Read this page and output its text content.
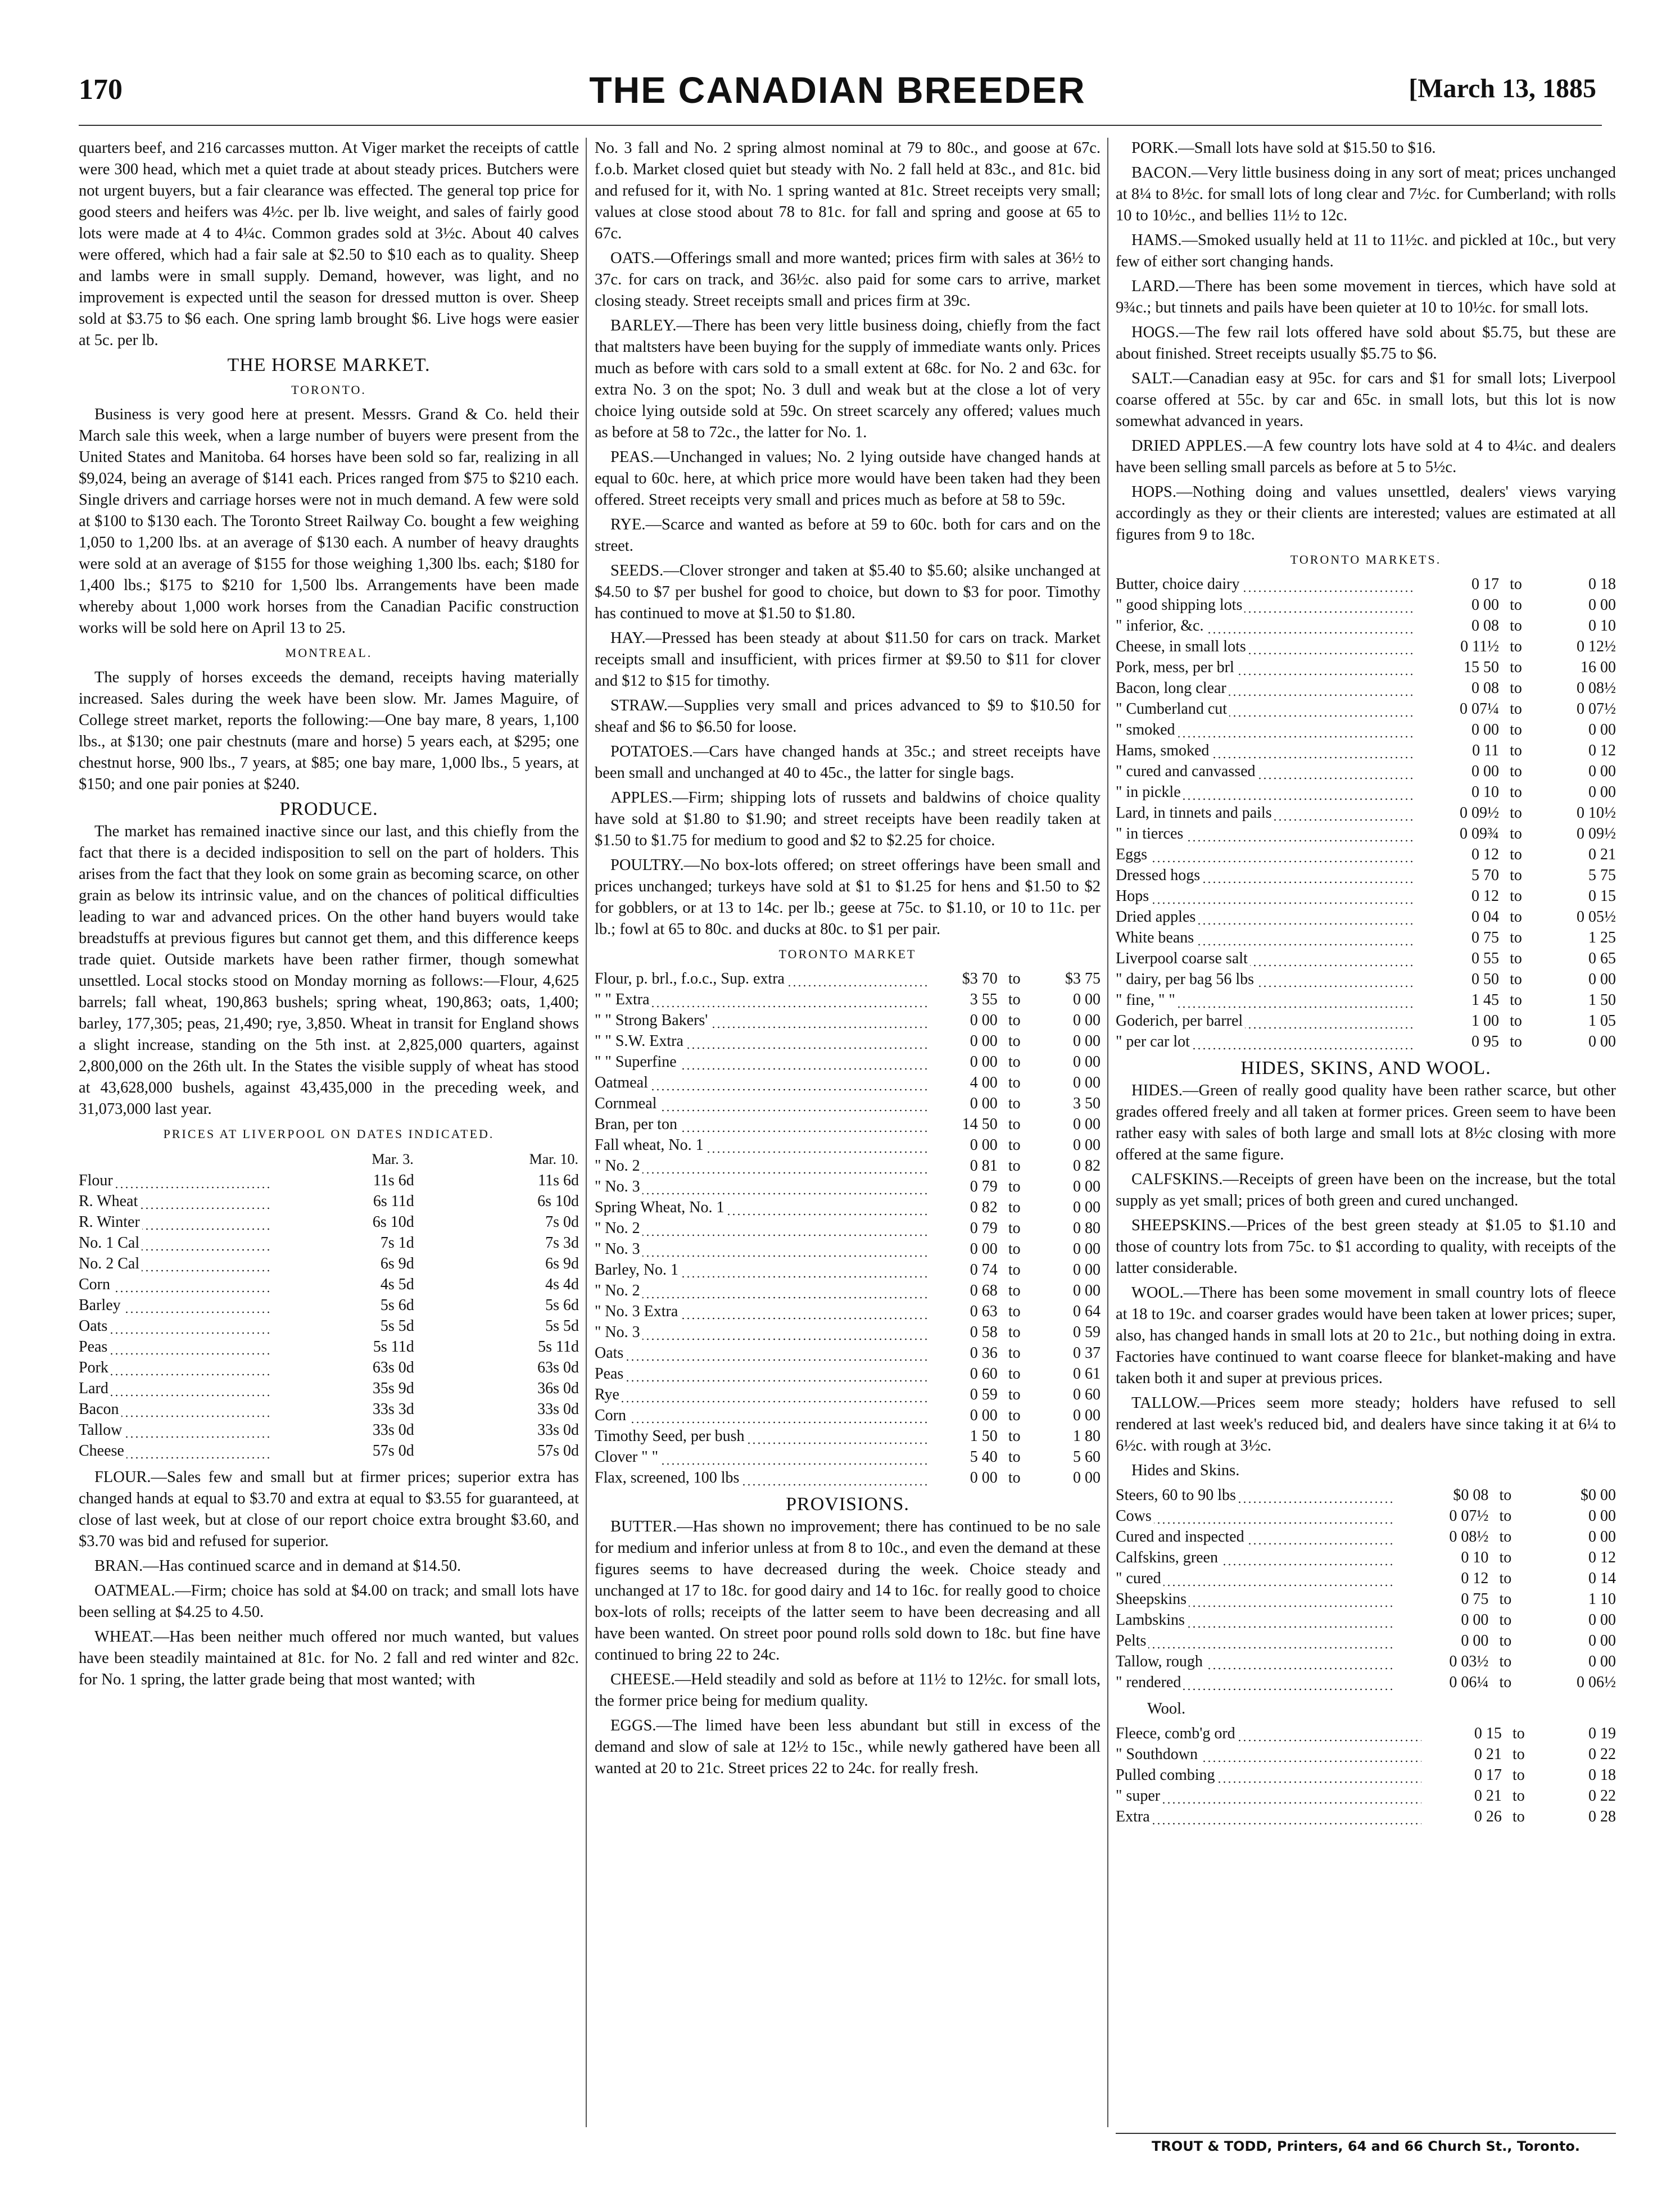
170	THE CANADIAN BREEDER	[March 13, 1885

quarters beef, and 216 carcasses mutton. At Viger market the receipts of cattle were 300 head, which met a quiet trade at about steady prices. Butchers were not urgent buyers, but a fair clearance was effected. The general top price for good steers and heifers was 4½c. per lb. live weight, and sales of fairly good lots were made at 4 to 4¼c. Common grades sold at 3½c. About 40 calves were offered, which had a fair sale at $2.50 to $10 each as to quality. Sheep and lambs were in small supply. Demand, however, was light, and no improvement is expected until the season for dressed mutton is over. Sheep sold at $3.75 to $6 each. One spring lamb brought $6. Live hogs were easier at 5c. per lb.

THE HORSE MARKET.
TORONTO.

Business is very good here at present. Messrs. Grand & Co. held their March sale this week, when a large number of buyers were present from the United States and Manitoba. 64 horses have been sold so far, realizing in all $9,024, being an average of $141 each. Prices ranged from $75 to $210 each. Single drivers and carriage horses were not in much demand. A few were sold at $100 to $130 each. The Toronto Street Railway Co. bought a few weighing 1,050 to 1,200 lbs. at an average of $130 each. A number of heavy draughts were sold at an average of $155 for those weighing 1,300 lbs. each; $180 for 1,400 lbs.; $175 to $210 for 1,500 lbs. Arrangements have been made whereby about 1,000 work horses from the Canadian Pacific construction works will be sold here on April 13 to 25.

MONTREAL.

The supply of horses exceeds the demand, receipts having materially increased. Sales during the week have been slow. Mr. James Maguire, of College street market, reports the following:—One bay mare, 8 years, 1,100 lbs., at $130; one pair chestnuts (mare and horse) 5 years each, at $295; one chestnut horse, 900 lbs., 7 years, at $85; one bay mare, 1,000 lbs., 5 years, at $150; and one pair ponies at $240.

PRODUCE.

The market has remained inactive since our last, and this chiefly from the fact that there is a decided indisposition to sell on the part of holders. This arises from the fact that they look on some grain as becoming scarce, on other grain as below its intrinsic value, and on the chances of political difficulties leading to war and advanced prices. On the other hand buyers would take breadstuffs at previous figures but cannot get them, and this difference keeps trade quiet. Outside markets have been rather firmer, though somewhat unsettled. Local stocks stood on Monday morning as follows:—Flour, 4,625 barrels; fall wheat, 190,863 bushels; spring wheat, 190,863; oats, 1,400; barley, 177,305; peas, 21,490; rye, 3,850. Wheat in transit for England shows a slight increase, standing on the 5th inst. at 2,825,000 quarters, against 2,800,000 on the 26th ult. In the States the visible supply of wheat has stood at 43,628,000 bushels, against 43,435,000 in the preceding week, and 31,073,000 last year.

PRICES AT LIVERPOOL ON DATES INDICATED.
	Mar. 3.	Mar. 10.
Flour	11s 6d	11s 6d
R. Wheat	6s 11d	6s 10d
R. Winter	6s 10d	7s 0d
No. 1 Cal	7s 1d	7s 3d
No. 2 Cal	6s 9d	6s 9d
Corn	4s 5d	4s 4d
Barley	5s 6d	5s 6d
Oats	5s 5d	5s 5d
Peas	5s 11d	5s 11d
Pork	63s 0d	63s 0d
Lard	35s 9d	36s 0d
Bacon	33s 3d	33s 0d
Tallow	33s 0d	33s 0d
Cheese	57s 0d	57s 0d

FLOUR.—Sales few and small but at firmer prices; superior extra has changed hands at equal to $3.70 and extra at equal to $3.55 for guaranteed, at close of last week, but at close of our report choice extra brought $3.60, and $3.70 was bid and refused for superior.

BRAN.—Has continued scarce and in demand at $14.50.

OATMEAL.—Firm; choice has sold at $4.00 on track; and small lots have been selling at $4.25 to 4.50.

WHEAT.—Has been neither much offered nor much wanted, but values have been steadily maintained at 81c. for No. 2 fall and red winter and 82c. for No. 1 spring, the latter grade being that most wanted; with

No. 3 fall and No. 2 spring almost nominal at 79 to 80c., and goose at 67c. f.o.b. Market closed quiet but steady with No. 2 fall held at 83c., and 81c. bid and refused for it, with No. 1 spring wanted at 81c. Street receipts very small; values at close stood about 78 to 81c. for fall and spring and goose at 65 to 67c.

OATS.—Offerings small and more wanted; prices firm with sales at 36½ to 37c. for cars on track, and 36½c. also paid for some cars to arrive, market closing steady. Street receipts small and prices firm at 39c.

BARLEY.—There has been very little business doing, chiefly from the fact that maltsters have been buying for the supply of immediate wants only. Prices much as before with cars sold to a small extent at 68c. for No. 2 and 63c. for extra No. 3 on the spot; No. 3 dull and weak but at the close a lot of very choice lying outside sold at 59c. On street scarcely any offered; values much as before at 58 to 72c., the latter for No. 1.

PEAS.—Unchanged in values; No. 2 lying outside have changed hands at equal to 60c. here, at which price more would have been taken had they been offered. Street receipts very small and prices much as before at 58 to 59c.

RYE.—Scarce and wanted as before at 59 to 60c. both for cars and on the street.

SEEDS.—Clover stronger and taken at $5.40 to $5.60; alsike unchanged at $4.50 to $7 per bushel for good to choice, but down to $3 for poor. Timothy has continued to move at $1.50 to $1.80.

HAY.—Pressed has been steady at about $11.50 for cars on track. Market receipts small and insufficient, with prices firmer at $9.50 to $11 for clover and $12 to $15 for timothy.

STRAW.—Supplies very small and prices advanced to $9 to $10.50 for sheaf and $6 to $6.50 for loose.

POTATOES.—Cars have changed hands at 35c.; and street receipts have been small and unchanged at 40 to 45c., the latter for single bags.

APPLES.—Firm; shipping lots of russets and baldwins of choice quality have sold at $1.80 to $1.90; and street receipts have been readily taken at $1.50 to $1.75 for medium to good and $2 to $2.25 for choice.

POULTRY.—No box-lots offered; on street offerings have been small and prices unchanged; turkeys have sold at $1 to $1.25 for hens and $1.50 to $2 for gobblers, or at 13 to 14c. per lb.; geese at 75c. to $1.10, or 10 to 11c. per lb.; fowl at 65 to 80c. and ducks at 80c. to $1 per pair.

TORONTO MARKET
Flour, p. brl., f.o.c., Sup. extra	$3 70	to	$3 75
" " Extra	3 55	to	0 00
" " Strong Bakers'	0 00	to	0 00
" " S.W. Extra	0 00	to	0 00
" " Superfine	0 00	to	0 00
Oatmeal	4 00	to	0 00
Cornmeal	0 00	to	3 50
Bran, per ton	14 50	to	0 00
Fall wheat, No. 1	0 00	to	0 00
" No. 2	0 81	to	0 82
" No. 3	0 79	to	0 00
Spring Wheat, No. 1	0 82	to	0 00
" No. 2	0 79	to	0 80
" No. 3	0 00	to	0 00
Barley, No. 1	0 74	to	0 00
" No. 2	0 68	to	0 00
" No. 3 Extra	0 63	to	0 64
" No. 3	0 58	to	0 59
Oats	0 36	to	0 37
Peas	0 60	to	0 61
Rye	0 59	to	0 60
Corn	0 00	to	0 00
Timothy Seed, per bush	1 50	to	1 80
Clover " "	5 40	to	5 60
Flax, screened, 100 lbs	0 00	to	0 00
PROVISIONS.

BUTTER.—Has shown no improvement; there has continued to be no sale for medium and inferior unless at from 8 to 10c., and even the demand at these figures seems to have decreased during the week. Choice steady and unchanged at 17 to 18c. for good dairy and 14 to 16c. for really good to choice box-lots of rolls; receipts of the latter seem to have been decreasing and all have been wanted. On street poor pound rolls sold down to 18c. but fine have continued to bring 22 to 24c.

CHEESE.—Held steadily and sold as before at 11½ to 12½c. for small lots, the former price being for medium quality.

EGGS.—The limed have been less abundant but still in excess of the demand and slow of sale at 12½ to 15c., while newly gathered have been all wanted at 20 to 21c. Street prices 22 to 24c. for really fresh.

PORK.—Small lots have sold at $15.50 to $16.

BACON.—Very little business doing in any sort of meat; prices unchanged at 8¼ to 8½c. for small lots of long clear and 7½c. for Cumberland; with rolls 10 to 10½c., and bellies 11½ to 12c.

HAMS.—Smoked usually held at 11 to 11½c. and pickled at 10c., but very few of either sort changing hands.

LARD.—There has been some movement in tierces, which have sold at 9¾c.; but tinnets and pails have been quieter at 10 to 10½c. for small lots.

HOGS.—The few rail lots offered have sold about $5.75, but these are about finished. Street receipts usually $5.75 to $6.

SALT.—Canadian easy at 95c. for cars and $1 for small lots; Liverpool coarse offered at 55c. by car and 65c. in small lots, but this lot is now somewhat advanced in years.

DRIED APPLES.—A few country lots have sold at 4 to 4¼c. and dealers have been selling small parcels as before at 5 to 5½c.

HOPS.—Nothing doing and values unsettled, dealers' views varying accordingly as they or their clients are interested; values are estimated at all figures from 9 to 18c.

TORONTO MARKETS.
Butter, choice dairy	0 17	to	0 18
" good shipping lots	0 00	to	0 00
" inferior, &c.	0 08	to	0 10
Cheese, in small lots	0 11½	to	0 12½
Pork, mess, per brl	15 50	to	16 00
Bacon, long clear	0 08	to	0 08½
" Cumberland cut	0 07¼	to	0 07½
" smoked	0 00	to	0 00
Hams, smoked	0 11	to	0 12
" cured and canvassed	0 00	to	0 00
" in pickle	0 10	to	0 00
Lard, in tinnets and pails	0 09½	to	0 10½
" in tierces	0 09¾	to	0 09½
Eggs	0 12	to	0 21
Dressed hogs	5 70	to	5 75
Hops	0 12	to	0 15
Dried apples	0 04	to	0 05½
White beans	0 75	to	1 25
Liverpool coarse salt	0 55	to	0 65
" dairy, per bag 56 lbs	0 50	to	0 00
" fine, " "	1 45	to	1 50
Goderich, per barrel	1 00	to	1 05
" per car lot	0 95	to	0 00
HIDES, SKINS, AND WOOL.

HIDES.—Green of really good quality have been rather scarce, but other grades offered freely and all taken at former prices. Green seem to have been rather easy with sales of both large and small lots at 8½c closing with more offered at the same figure.

CALFSKINS.—Receipts of green have been on the increase, but the total supply as yet small; prices of both green and cured unchanged.

SHEEPSKINS.—Prices of the best green steady at $1.05 to $1.10 and those of country lots from 75c. to $1 according to quality, with receipts of the latter considerable.

WOOL.—There has been some movement in small country lots of fleece at 18 to 19c. and coarser grades would have been taken at lower prices; super, also, has changed hands in small lots at 20 to 21c., but nothing doing in extra. Factories have continued to want coarse fleece for blanket-making and have taken both it and super at previous prices.

TALLOW.—Prices seem more steady; holders have refused to sell rendered at last week's reduced bid, and dealers have since taking it at 6¼ to 6½c. with rough at 3½c.

Hides and Skins.

Steers, 60 to 90 lbs	$0 08	to	$0 00
Cows	0 07½	to	0 00
Cured and inspected	0 08½	to	0 00
Calfskins, green	0 10	to	0 12
" cured	0 12	to	0 14
Sheepskins	0 75	to	1 10
Lambskins	0 00	to	0 00
Pelts	0 00	to	0 00
Tallow, rough	0 03½	to	0 00
" rendered	0 06¼	to	0 06½

Wool.

Fleece, comb'g ord	0 15	to	0 19
" Southdown	0 21	to	0 22
Pulled combing	0 17	to	0 18
" super	0 21	to	0 22
Extra	0 26	to	0 28
TROUT & TODD, Printers, 64 and 66 Church St., Toronto.
